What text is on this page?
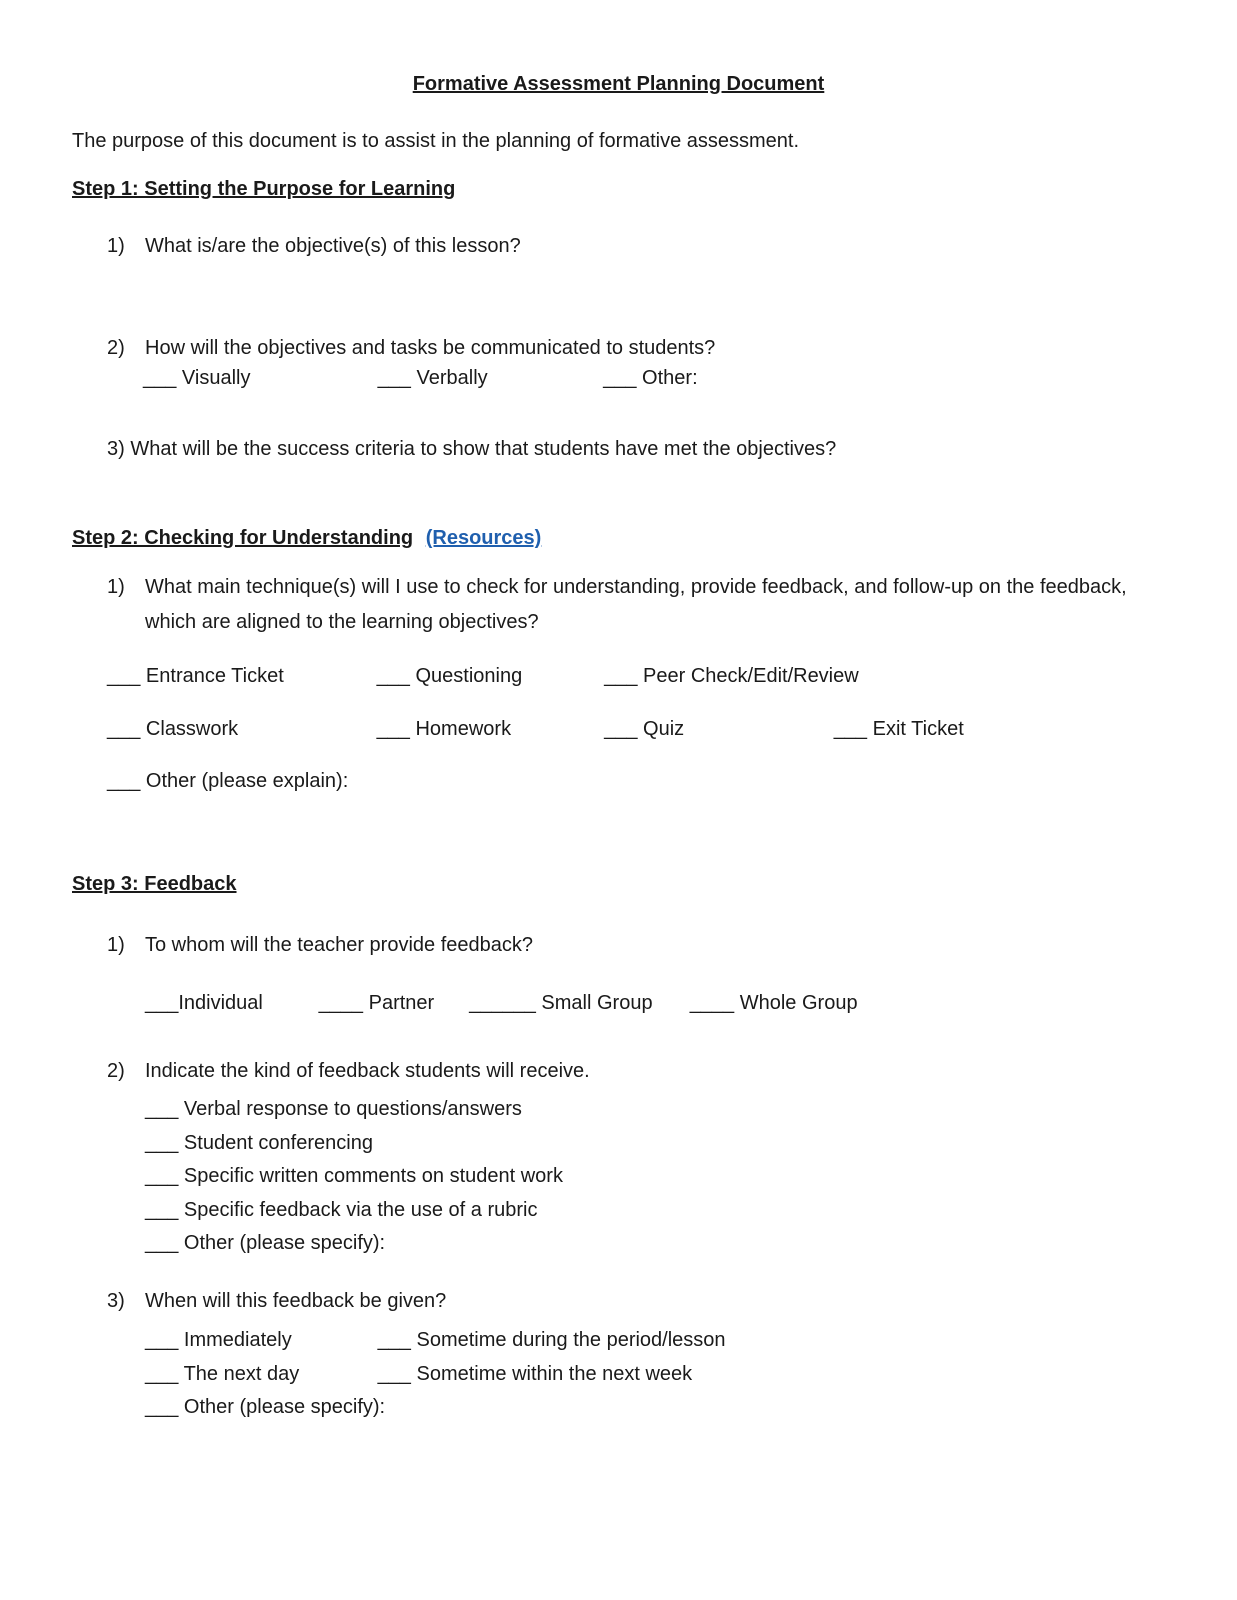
Formative Assessment Planning Document
The purpose of this document is to assist in the planning of formative assessment.
Step 1: Setting the Purpose for Learning
1)	What is/are the objective(s) of this lesson?
2)	How will the objectives and tasks be communicated to students?
___ Visually	___ Verbally	___ Other:
3) What will be the success criteria to show that students have met the objectives?
Step 2: Checking for Understanding (Resources)
1)	What main technique(s) will I use to check for understanding, provide feedback, and follow-up on the feedback, which are aligned to the learning objectives?
___ Entrance Ticket	___ Questioning	___ Peer Check/Edit/Review
___ Classwork	___ Homework	___ Quiz	___ Exit Ticket
___ Other (please explain):
Step 3: Feedback
1)	To whom will the teacher provide feedback?
___Individual	____ Partner ______ Small Group ____ Whole Group
2)	Indicate the kind of feedback students will receive.
___ Verbal response to questions/answers
___ Student conferencing
___ Specific written comments on student work
___ Specific feedback via the use of a rubric
___ Other (please specify):
3)	When will this feedback be given?
___ Immediately	___ Sometime during the period/lesson
___ The next day	___ Sometime within the next week
___ Other (please specify):
